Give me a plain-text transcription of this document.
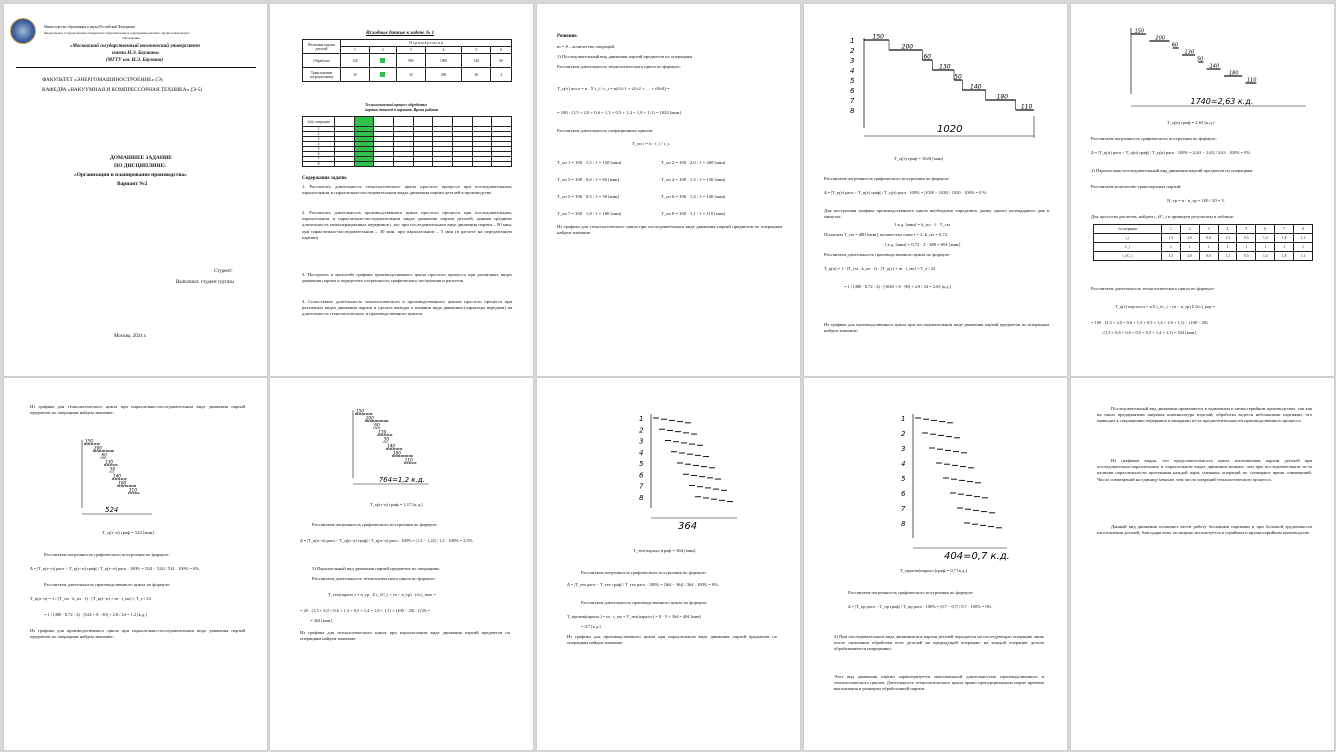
Министерство образования и науки Российской Федерации
Федеральное государственное бюджетное образовательное учреждение высшего профессионального
образования
«Московский государственный технический университет
имени Н.Э. Баумана»
(МГТУ им. Н.Э. Баумана)
ФАКУЛЬТЕТ «ЭНЕРГОМАШИНОСТРОЕНИЕ» (Э)
КАФЕДРА «ВАКУУМНАЯ И КОМПРЕССОРНАЯ ТЕХНИКА» (Э-5)
ДОМАШНЕЕ ЗАДАНИЕ
ПО ДИСЦИПЛИНЕ:
«Организация и планирование производства»
Вариант №2
Студент:
Выполнил: студент группы
Москва, 2024 г.
Исходные данные к задаче № 1
Величина партии деталей	Н о р м ы в р е м е н и					
	1	2	3	4	5	6
Обработка	120		900	1000	140	60
Транспортная (передаточная)	30		30	200	40	4
Технологический процесс обработки
партии деталей и вариант. Время работы
№№ операции									
1									
2									
3									
4									
5									
6									
7									
8									
Содержание задачи.
1. Рассчитать длительность технологического цикла простого процесса при последовательном, параллельном и параллельно-последовательном видах движения партии деталей в производстве.
2. Рассчитать длительность производственного цикла простого процесса при последовательном, параллельном и параллельно-последовательном видах движения партии деталей, приняв среднюю длительность межоперационных перерывов t_мо: при последовательном виде движения партии – 90 мин, при параллельно-последовательном – 30 мин, при параллельном – 5 мин (в расчете на передаточную партию).
3. Построить в масштабе графики производственного цикла простого процесса при различных видах движения партии и определить погрешность графического построения и расчетов.
4. Сопоставить длительность технологического и производственного циклов простого процесса при различных видах движения партии и сделать выводы о влиянии вида движения (характера передачи) на длительность технологического и производственного циклов.
Решение.
m = 8 – количество операций.
1) Последовательный вид движения партий предметов по операциям.
Рассчитаем длительность технологического цикла по формуле:
T_ц(т) посл = n · Σ t_i / c_i = n(t1/c1 + t2/c2 + … + t8/c8) =
= 100 · (1,5 + 2,0 + 0,6 + 1,3 + 0,5 + 1,4 + 1,8 + 1,1) = 1020 [мин].
Рассчитаем длительность операционных циклов:
T_оп i = n · t_i / c_i
T_оп 1 = 100 · 1,5 / 1 = 150 [мин]
T_оп 3 = 100 · 0,6 / 1 = 60 [мин]
T_оп 5 = 100 · 0,5 / 1 = 50 [мин]
T_оп 7 = 100 · 1,8 / 1 = 180 [мин]
T_оп 2 = 100 · 2,0 / 1 = 200 [мин]
T_оп 4 = 100 · 1,3 / 1 = 130 [мин]
T_оп 6 = 100 · 1,4 / 1 = 140 [мин]
T_оп 8 = 100 · 1,1 / 1 = 110 [мин]
Из графика для технологического цикла при последовательном виде движения партий предметов по операциям найдем значение:
150
1
200
2
60
3
130
4
50
5
140
6
180
7
110
8
1020
T_ц(т) граф = 1020 [мин]
Рассчитаем погрешность графического построения по формуле:
Δ = |T_ц(т) расч − T_ц(т) граф| / T_ц(т) расч · 100% = |1020 − 1020| / 1020 · 100% = 0 %.
Для построения графика производственного цикла необходимо определить длину одного календарного дня в минутах:
1 к.д. [мин] = k_пл · f · T_см
Полагаем T_см = 480 [мин], количество смен f = 2, k_пл = 0,72.
1 к.д. [мин] = 0,72 · 2 · 480 = 691 [мин].
Рассчитаем длительность производственного цикла по формуле:
T_ц(п) = 1 / (T_см · k_пл · f) · [T_ц(т) + m · t_мо] + T_е / 24
= 1 / (480 · 0,72 · 2) · [1020 + 8 · 90] + 2,8 / 24 = 2,63 [к.д.]
Из графика для производственного цикла при последовательном виде движения партий предметов по операциям найдем значение:
150
200
60
130
50
140
180
110
1740=2,63 к.д.
T_ц(п) граф = 2,63 [к.д.]
Рассчитаем погрешность графического построения по формуле:
Δ = |T_ц(п) расч − T_ц(п) граф| / T_ц(п) расч · 100% = |2,63 − 2,63| / 2,63 · 100% = 0%.
2) Параллельно-последовательный вид движения партий предметов по операциям.
Рассчитаем количество транспортных партий:
N_тр = n / n_тр = 100 / 20 = 5.
Для простоты расчетов, найдем t_i/C_i и приведем результаты в таблице:
№ операции	1	2	3	4	5	6	7	8
t_i	1,5	2,0	0,6	1,3	0,5	1,4	1,8	1,1
C_i	1	1	1	1	1	1	1	1
t_i/C_i	1,5	2,0	0,6	1,3	0,5	1,4	1,8	1,1
Рассчитаем длительность технологического цикла по формуле:
T_ц(т) пар-посл = n Σ t_i/c_i − (n − n_тр) Σ (t/c)_кор =
= 100 · (1,5 + 2,0 + 0,6 + 1,3 + 0,5 + 1,4 + 1,8 + 1,1) − (100 − 20) ·
· (1,5 + 0,6 + 0,6 + 0,5 + 0,5 + 1,4 + 1,1) = 524 [мин].
Из графика для технологического цикла при параллельно-последовательном виде движения партий предметов по операциям найдем значение:
150
200
60
130
50
140
180
110
524
T_ц(т−п) граф = 524 [мин].
Рассчитаем погрешность графического построения по формуле:
Δ = |T_ц(т−п) расч − T_ц(т−п) граф| / T_ц(т−п) расч · 100% = |524 − 524| / 524 · 100% = 0%.
Рассчитаем длительность производственного цикла по формуле:
T_ц(п−п) = 1 / (T_см · k_пл · f) · [T_ц(т−п) + m · t_мо] + T_е / 24
= 1 / (480 · 0,72 · 2) · [524 + 8 · 30] + 2,8 / 24 = 1,2 [к.д.]
Из графика для производственного цикла при параллельно-последовательном виде движения партий предметов по операциям найдем значение:
150
200
60
130
50
140
180
110
764=1,2 к.д.
T_ц(п−п) граф = 1,17 [к.д.]
Рассчитаем погрешность графического построения по формуле:
Δ = |T_ц(п−п) расч − T_ц(п−п) граф| / T_ц(п−п) расч · 100% = |1,2 − 1,22| / 1,2 · 100% = 2,5%.
3) Параллельный вид движения партий предметов по операциям.
Рассчитаем длительность технологического цикла по формуле:
T_тех(паралл.) = n_тр · Σ t_i/C_i + (n − n_тр) · (t/c)_max =
= 20 · (1,5 + 2,0 + 0,6 + 1,3 + 0,5 + 1,4 + 1,8 + 1,1) + (100 − 20) · (2,0) =
= 364 [мин].
Из графика для технологического цикла при параллельном виде движения партий предметов по операциям найдем значение:
1
2
3
4
5
6
7
8
364
T_тех(паралл.)граф = 364 [мин].
Рассчитаем погрешность графического построения по формуле:
Δ = |T_тех расч − T_тех граф| / T_тех расч · 100% = |364 − 364| / 364 · 100% = 0%.
Рассчитаем длительность производственного цикла по формуле:
T_произв(паралл.) = m · t_мо + T_тех(паралл.) = 8 · 5 + 364 = 404 [мин]
= 0,7 [к.д.]
Из графика для производственного цикла при параллельном виде движения партий предметов по операциям найдем значение:
1
2
3
4
5
6
7
8
404=0,7 к.д.
T_произв(паралл.)граф = 0,7 [к.д.].
Рассчитаем погрешность графического построения по формуле:
Δ = |T_пр расч − T_пр граф| / T_пр расч · 100% = |0,7 − 0,7| / 0,7 · 100% = 0%.
4) При последовательном виде движения вся партия деталей передается на последующую операцию лишь после окончания обработки всех деталей на предыдущей операции; на каждой операции детали обрабатываются непрерывно.
Этот вид движения партии характеризуется максимальной длительностью производственного и технологического циклов. Длительность технологического цикла прямо пропорциональна норме времени выполнения и размерам обработанной партии.
Последовательный вид движения применяется в единичном и мелкосерийном производствах, так как на таких предприятиях широкая номенклатура изделий, обработка ведется небольшими партиями, что приводит к сокращению перерывов в ожидании из-за предпочтительности производственного процесса.
Из графиков видно, что продолжительность цикла изготовления партии деталей при последовательно-параллельном и параллельном видах движения меньше, чем при последовательном из-за наличия параллельности протекания каждой пары смежных операций по суммарное время совмещений. Число совмещений на единицу меньше, чем число операций технологического процесса.
Данный вид движения позволяет вести работу большими партиями и при большой трудоемкости изготовления деталей, благодаря чему он широко используется в серийном и крупносерийном производстве.
